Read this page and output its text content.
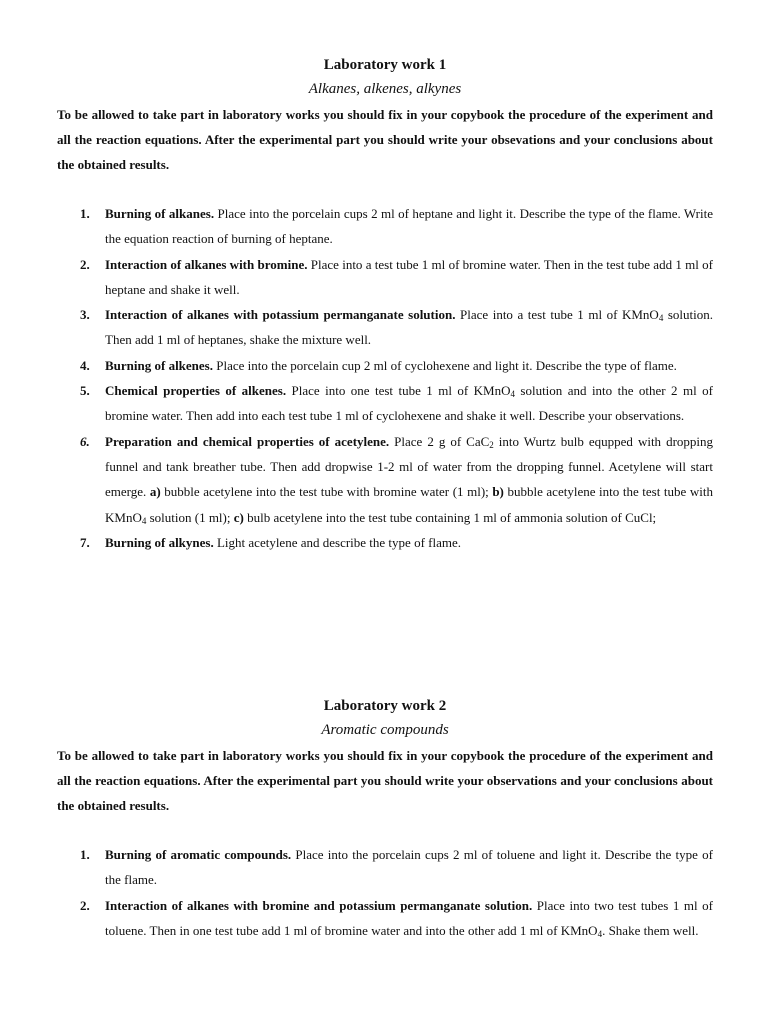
Laboratory work 1

Alkanes, alkenes, alkynes

To be allowed to take part in laboratory works you should fix in your copybook the procedure of the experiment and all the reaction equations. After the experimental part you should write your obsevations and your conclusions about the obtained results.

1. Burning of alkanes. Place into the porcelain cups 2 ml of heptane and light it. Describe the type of the flame. Write the equation reaction of burning of heptane.
2. Interaction of alkanes with bromine. Place into a test tube 1 ml of bromine water. Then in the test tube add 1 ml of heptane and shake it well.
3. Interaction of alkanes with potassium permanganate solution. Place into a test tube 1 ml of KMnO$_4$ solution. Then add 1 ml of heptanes, shake the mixture well.
4. Burning of alkenes. Place into the porcelain cup 2 ml of cyclohexene and light it. Describe the type of flame.
5. Chemical properties of alkenes. Place into one test tube 1 ml of KMnO$_4$ solution and into the other 2 ml of bromine water. Then add into each test tube 1 ml of cyclohexene and shake it well. Describe your observations.
6. Preparation and chemical properties of acetylene. Place 2 g of CaC$_2$ into Wurtz bulb equpped with dropping funnel and tank breather tube. Then add dropwise 1-2 ml of water from the dropping funnel. Acetylene will start emerge. a) bubble acetylene into the test tube with bromine water (1 ml); b) bubble acetylene into the test tube with KMnO$_4$ solution (1 ml); c) bulb acetylene into the test tube containing 1 ml of ammonia solution of CuCl;
7. Burning of alkynes. Light acetylene and describe the type of flame.

Laboratory work 2

Aromatic compounds

To be allowed to take part in laboratory works you should fix in your copybook the procedure of the experiment and all the reaction equations. After the experimental part you should write your observations and your conclusions about the obtained results.

1. Burning of aromatic compounds. Place into the porcelain cups 2 ml of toluene and light it. Describe the type of the flame.
2. Interaction of alkanes with bromine and potassium permanganate solution. Place into two test tubes 1 ml of toluene. Then in one test tube add 1 ml of bromine water and into the other add 1 ml of KMnO$_4$. Shake them well.
